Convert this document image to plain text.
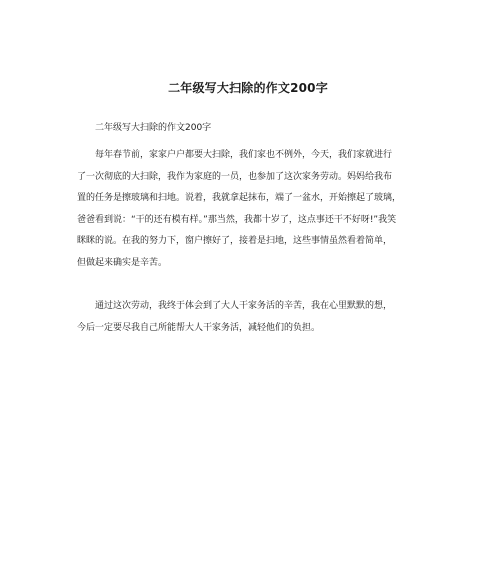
二年级写大扫除的作文200字
二年级写大扫除的作文200字
每年春节前，家家户户都要大扫除，我们家也不例外，今天，我们家就进行
了一次彻底的大扫除，我作为家庭的一员，也参加了这次家务劳动。妈妈给我布
置的任务是擦玻璃和扫地。说着，我就拿起抹布，端了一盆水，开始擦起了玻璃，
爸爸看到说：“干的还有模有样。”那当然，我都十岁了，这点事还干不好呀!”我笑
眯眯的说。在我的努力下，窗户擦好了，接着是扫地，这些事情虽然看着简单，
但做起来确实是辛苦。
通过这次劳动，我终于体会到了大人干家务活的辛苦，我在心里默默的想，
今后一定要尽我自己所能帮大人干家务活，减轻他们的负担。
